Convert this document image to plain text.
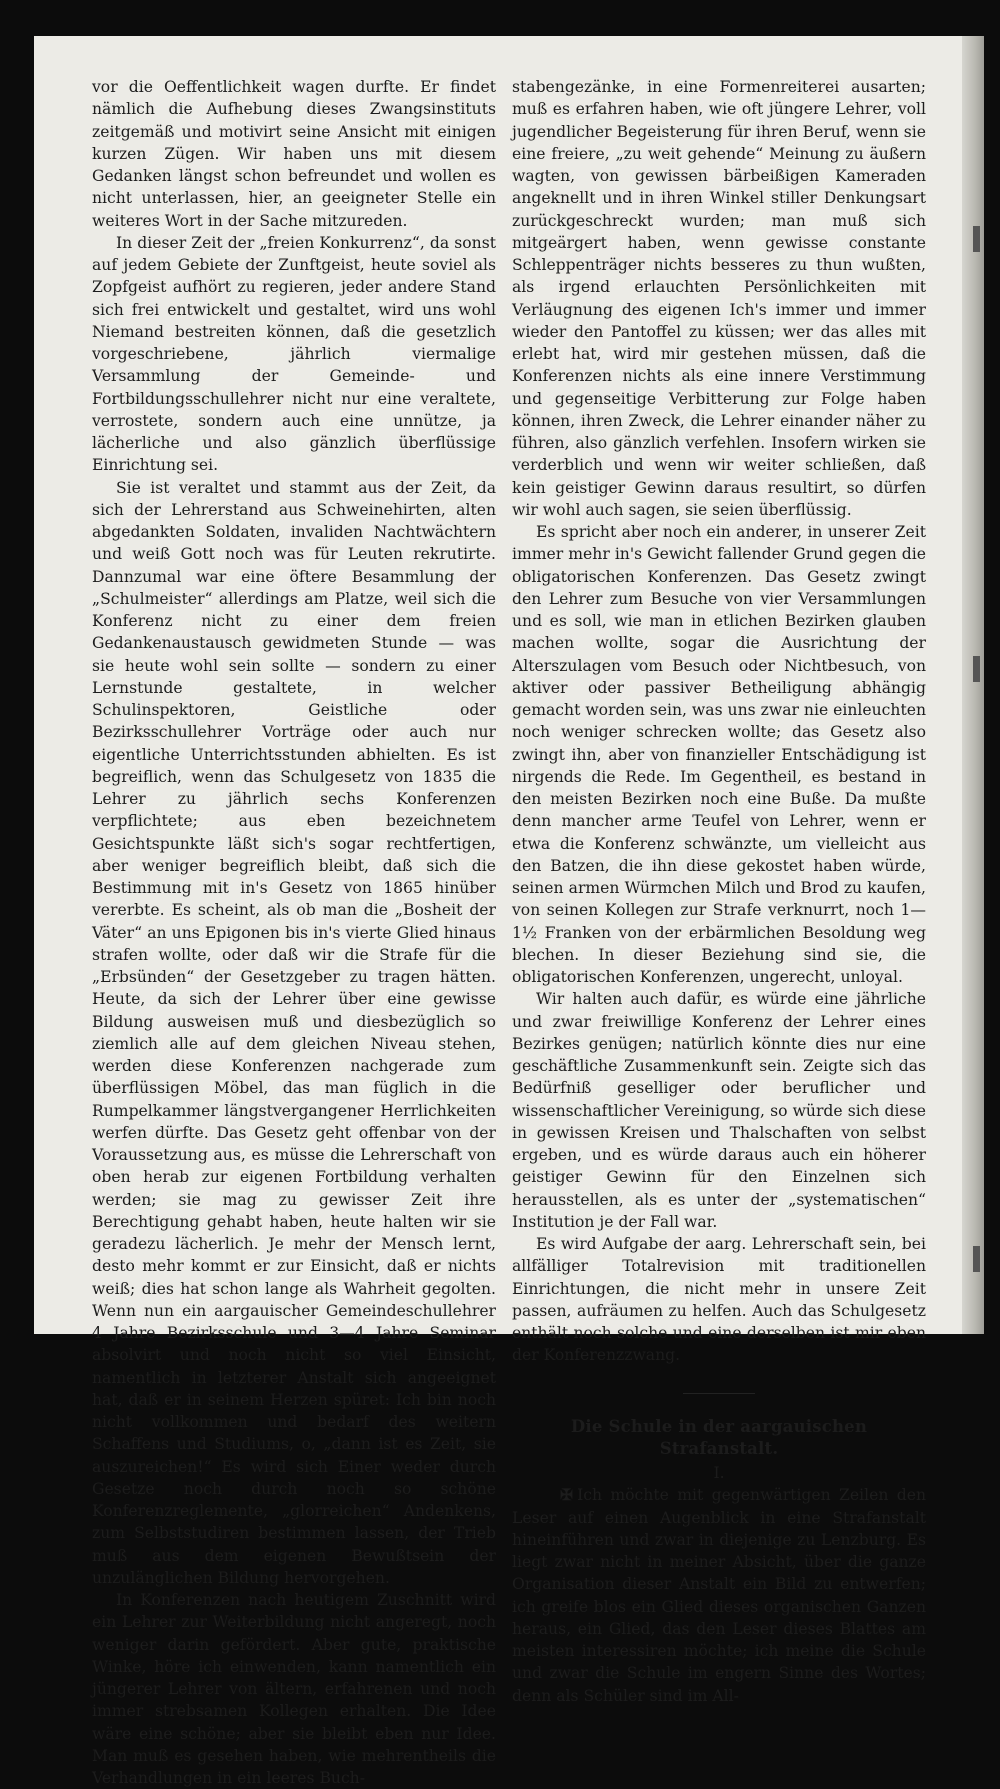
vor die Oeffentlichkeit wagen durfte. Er findet nämlich die Aufhebung dieses Zwangsinstituts zeitgemäß und motivirt seine Ansicht mit einigen kurzen Zügen. Wir haben uns mit diesem Gedanken längst schon befreundet und wollen es nicht unterlassen, hier, an geeigneter Stelle ein weiteres Wort in der Sache mitzureden.

In dieser Zeit der „freien Konkurrenz“, da sonst auf jedem Gebiete der Zunftgeist, heute soviel als Zopfgeist aufhört zu regieren, jeder andere Stand sich frei entwickelt und gestaltet, wird uns wohl Niemand bestreiten können, daß die gesetzlich vorgeschriebene, jährlich viermalige Versammlung der Gemeinde- und Fortbildungsschullehrer nicht nur eine veraltete, verrostete, sondern auch eine unnütze, ja lächerliche und also gänzlich überflüssige Einrichtung sei.

Sie ist veraltet und stammt aus der Zeit, da sich der Lehrerstand aus Schweinehirten, alten abgedankten Soldaten, invaliden Nachtwächtern und weiß Gott noch was für Leuten rekrutirte. Dannzumal war eine öftere Besammlung der „Schulmeister“ allerdings am Platze, weil sich die Konferenz nicht zu einer dem freien Gedankenaustausch gewidmeten Stunde — was sie heute wohl sein sollte — sondern zu einer Lernstunde gestaltete, in welcher Schulinspektoren, Geistliche oder Bezirksschullehrer Vorträge oder auch nur eigentliche Unterrichtsstunden abhielten. Es ist begreiflich, wenn das Schulgesetz von 1835 die Lehrer zu jährlich sechs Konferenzen verpflichtete; aus eben bezeichnetem Gesichtspunkte läßt sich's sogar rechtfertigen, aber weniger begreiflich bleibt, daß sich die Bestimmung mit in's Gesetz von 1865 hinüber vererbte. Es scheint, als ob man die „Bosheit der Väter“ an uns Epigonen bis in's vierte Glied hinaus strafen wollte, oder daß wir die Strafe für die „Erbsünden“ der Gesetzgeber zu tragen hätten. Heute, da sich der Lehrer über eine gewisse Bildung ausweisen muß und diesbezüglich so ziemlich alle auf dem gleichen Niveau stehen, werden diese Konferenzen nachgerade zum überflüssigen Möbel, das man füglich in die Rumpelkammer längstvergangener Herrlichkeiten werfen dürfte. Das Gesetz geht offenbar von der Voraussetzung aus, es müsse die Lehrerschaft von oben herab zur eigenen Fortbildung verhalten werden; sie mag zu gewisser Zeit ihre Berechtigung gehabt haben, heute halten wir sie geradezu lächerlich. Je mehr der Mensch lernt, desto mehr kommt er zur Einsicht, daß er nichts weiß; dies hat schon lange als Wahrheit gegolten. Wenn nun ein aargauischer Gemeindeschullehrer 4 Jahre Bezirksschule und 3—4 Jahre Seminar absolvirt und noch nicht so viel Einsicht, namentlich in letzterer Anstalt sich angeeignet hat, daß er in seinem Herzen spüret: Ich bin noch nicht vollkommen und bedarf des weitern Schaffens und Studiums, o, „dann ist es Zeit, sie auszureichen!“ Es wird sich Einer weder durch Gesetze noch durch noch so schöne Konferenzreglemente, „glorreichen“ Andenkens, zum Selbststudiren bestimmen lassen, der Trieb muß aus dem eigenen Bewußtsein der unzulänglichen Bildung hervorgehen.

In Konferenzen nach heutigem Zuschnitt wird ein Lehrer zur Weiterbildung nicht angeregt, noch weniger darin gefördert. Aber gute, praktische Winke, höre ich einwenden, kann namentlich ein jüngerer Lehrer von ältern, erfahrenen und noch immer strebsamen Kollegen erhalten. Die Idee wäre eine schöne; aber sie bleibt eben nur Idee. Man muß es gesehen haben, wie mehrentheils die Verhandlungen in ein leeres Buch-

stabengezänke, in eine Formenreiterei ausarten; muß es erfahren haben, wie oft jüngere Lehrer, voll jugendlicher Begeisterung für ihren Beruf, wenn sie eine freiere, „zu weit gehende“ Meinung zu äußern wagten, von gewissen bärbeißigen Kameraden angeknellt und in ihren Winkel stiller Denkungsart zurückgeschreckt wurden; man muß sich mitgeärgert haben, wenn gewisse constante Schleppenträger nichts besseres zu thun wußten, als irgend erlauchten Persönlichkeiten mit Verläugnung des eigenen Ich's immer und immer wieder den Pantoffel zu küssen; wer das alles mit erlebt hat, wird mir gestehen müssen, daß die Konferenzen nichts als eine innere Verstimmung und gegenseitige Verbitterung zur Folge haben können, ihren Zweck, die Lehrer einander näher zu führen, also gänzlich verfehlen. Insofern wirken sie verderblich und wenn wir weiter schließen, daß kein geistiger Gewinn daraus resultirt, so dürfen wir wohl auch sagen, sie seien überflüssig.

Es spricht aber noch ein anderer, in unserer Zeit immer mehr in's Gewicht fallender Grund gegen die obligatorischen Konferenzen. Das Gesetz zwingt den Lehrer zum Besuche von vier Versammlungen und es soll, wie man in etlichen Bezirken glauben machen wollte, sogar die Ausrichtung der Alterszulagen vom Besuch oder Nichtbesuch, von aktiver oder passiver Betheiligung abhängig gemacht worden sein, was uns zwar nie einleuchten noch weniger schrecken wollte; das Gesetz also zwingt ihn, aber von finanzieller Entschädigung ist nirgends die Rede. Im Gegentheil, es bestand in den meisten Bezirken noch eine Buße. Da mußte denn mancher arme Teufel von Lehrer, wenn er etwa die Konferenz schwänzte, um vielleicht aus den Batzen, die ihn diese gekostet haben würde, seinen armen Würmchen Milch und Brod zu kaufen, von seinen Kollegen zur Strafe verknurrt, noch 1—1½ Franken von der erbärmlichen Besoldung weg blechen. In dieser Beziehung sind sie, die obligatorischen Konferenzen, ungerecht, unloyal.

Wir halten auch dafür, es würde eine jährliche und zwar freiwillige Konferenz der Lehrer eines Bezirkes genügen; natürlich könnte dies nur eine geschäftliche Zusammenkunft sein. Zeigte sich das Bedürfniß geselliger oder beruflicher und wissenschaftlicher Vereinigung, so würde sich diese in gewissen Kreisen und Thalschaften von selbst ergeben, und es würde daraus auch ein höherer geistiger Gewinn für den Einzelnen sich herausstellen, als es unter der „systematischen“ Institution je der Fall war.

Es wird Aufgabe der aarg. Lehrerschaft sein, bei allfälliger Totalrevision mit traditionellen Einrichtungen, die nicht mehr in unsere Zeit passen, aufräumen zu helfen. Auch das Schulgesetz enthält noch solche und eine derselben ist mir eben der Konferenzzwang.

Die Schule in der aargauischen Strafanstalt.

I.

✠ Ich möchte mit gegenwärtigen Zeilen den Leser auf einen Augenblick in eine Strafanstalt hineinführen und zwar in diejenige zu Lenzburg. Es liegt zwar nicht in meiner Absicht, über die ganze Organisation dieser Anstalt ein Bild zu entwerfen; ich greife blos ein Glied dieses organischen Ganzen heraus, ein Glied, das den Leser dieses Blattes am meisten interessiren möchte; ich meine die Schule und zwar die Schule im engern Sinne des Wortes; denn als Schüler sind im All-
